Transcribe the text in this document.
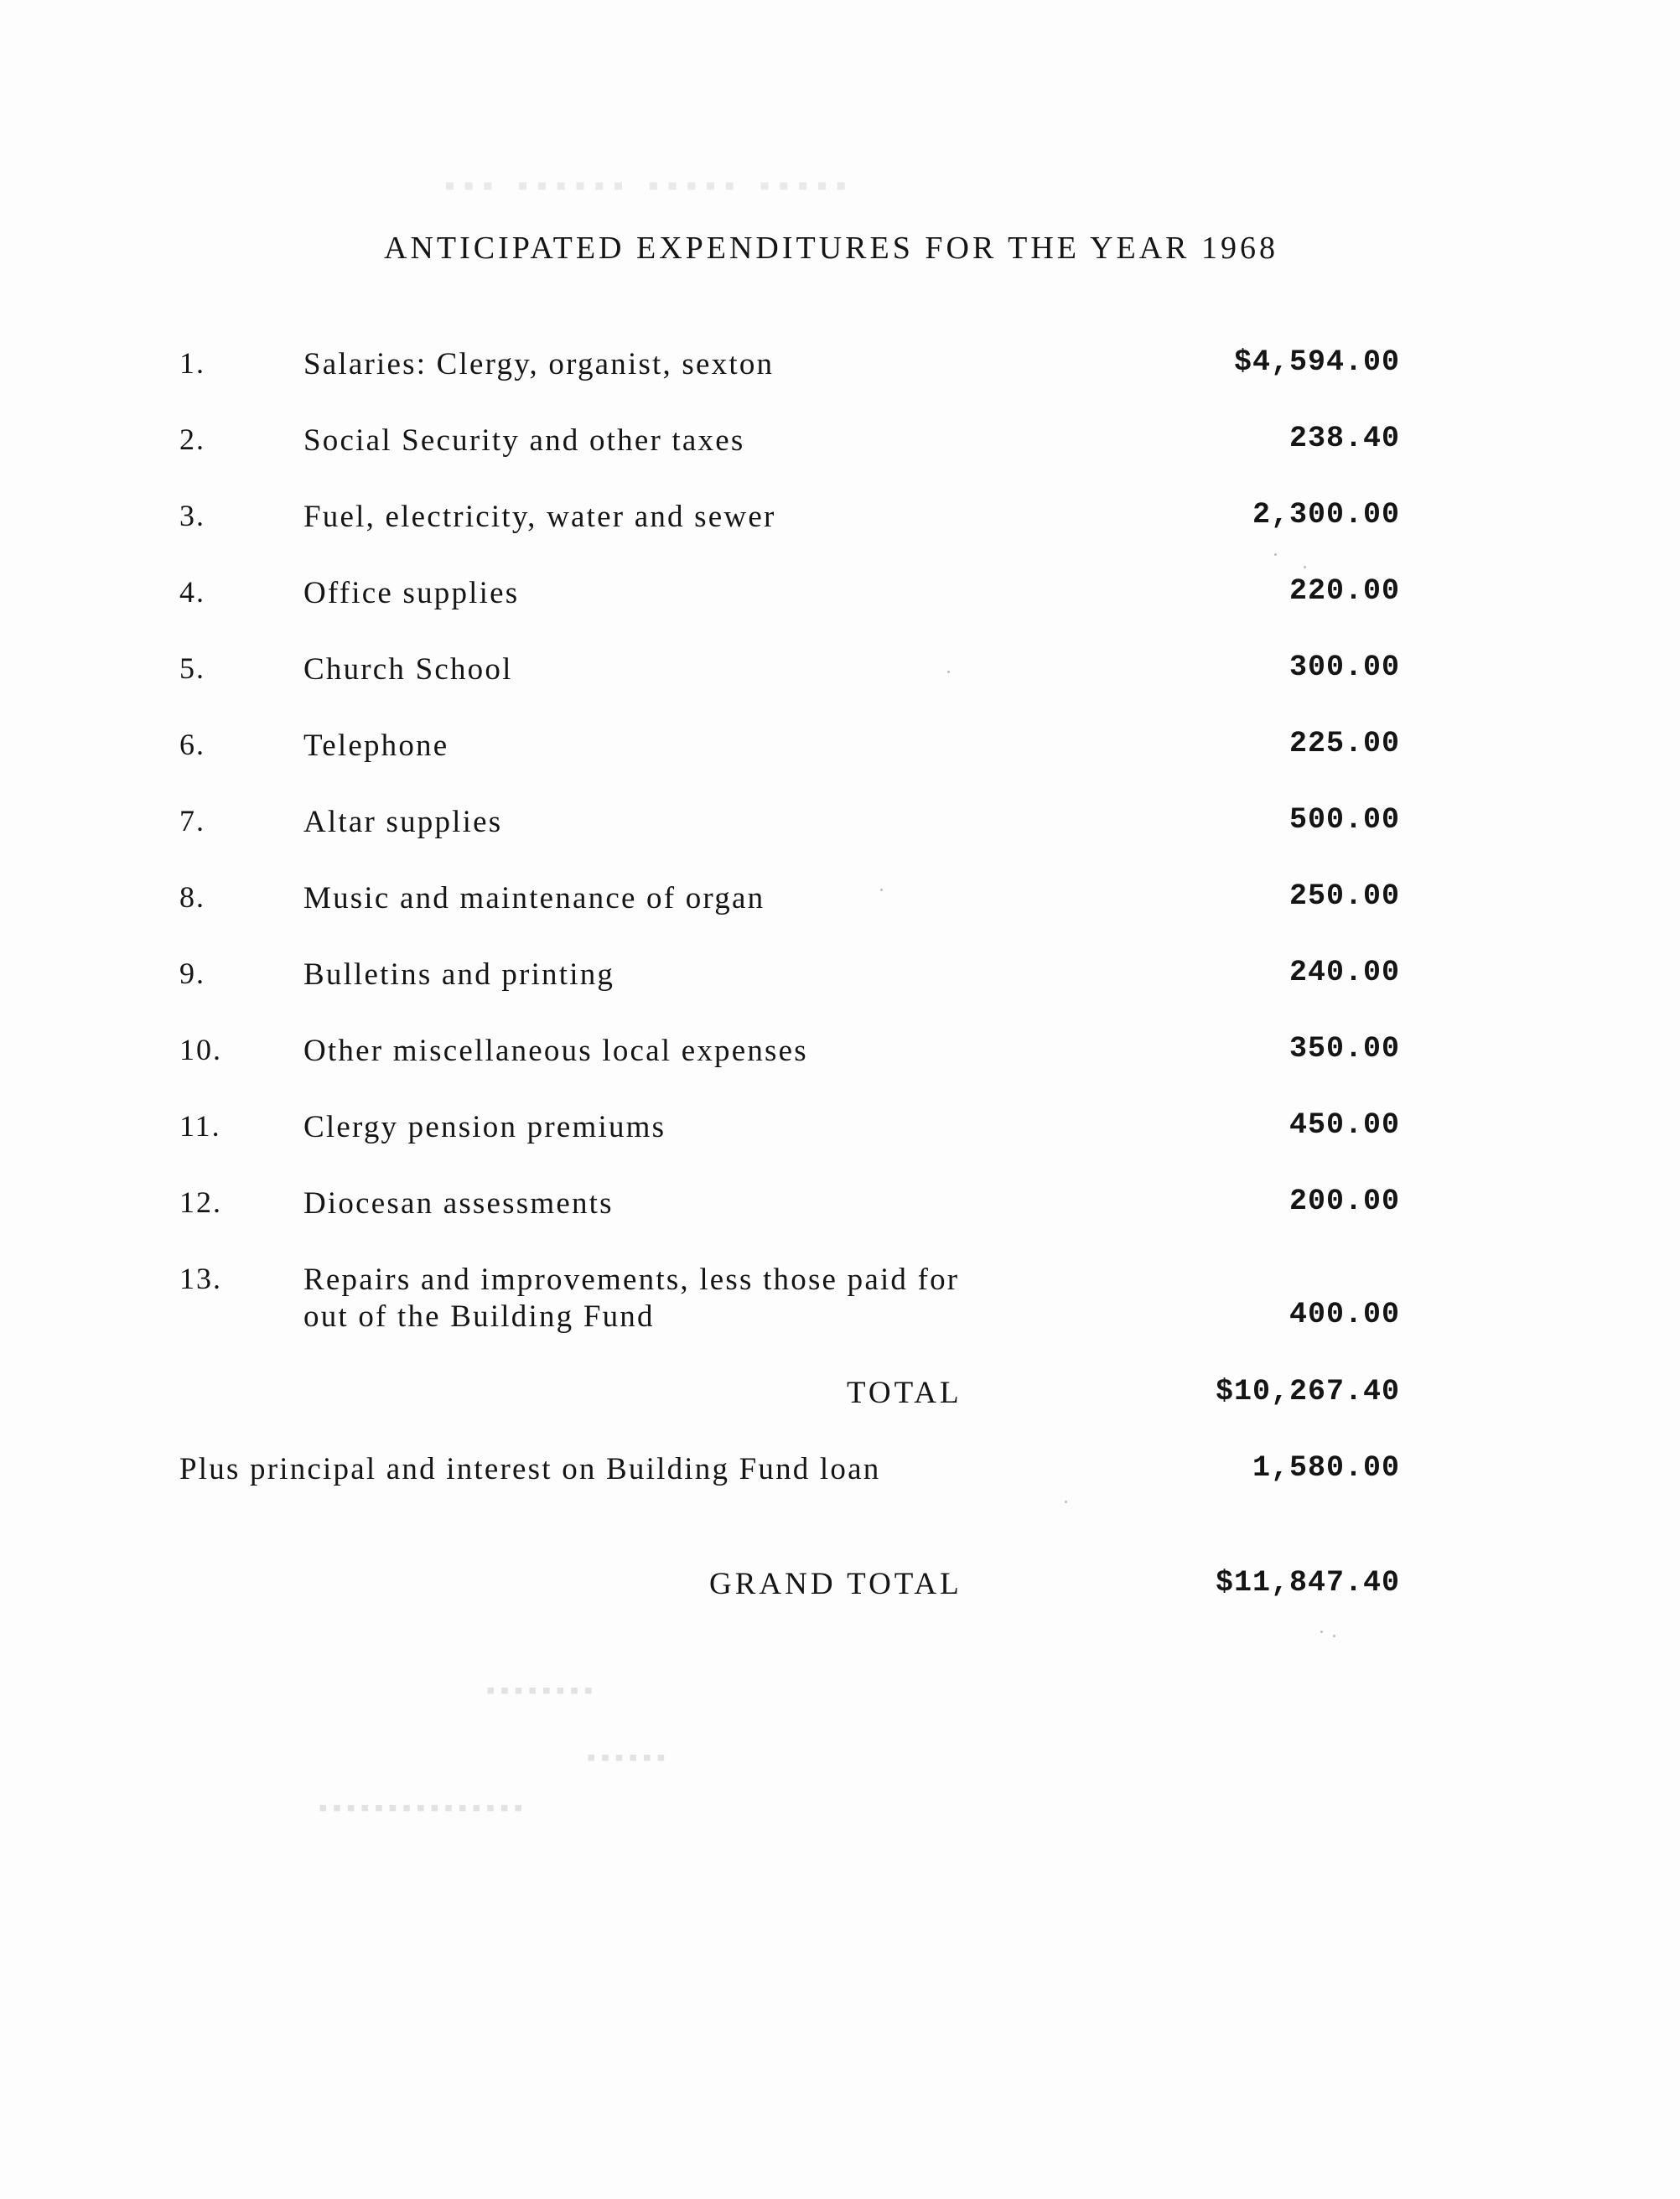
▪▪▪ ▪▪▪▪▪▪ ▪▪▪▪▪ ▪▪▪▪▪
ANTICIPATED EXPENDITURES FOR THE YEAR 1968
1.	Salaries: Clergy, organist, sexton	$4,594.00
2.	Social Security and other taxes	238.40
3.	Fuel, electricity, water and sewer	2,300.00
4.	Office supplies	220.00
5.	Church School	300.00
6.	Telephone	225.00
7.	Altar supplies	500.00
8.	Music and maintenance of organ	250.00
9.	Bulletins and printing	240.00
10.	Other miscellaneous local expenses	350.00
11.	Clergy pension premiums	450.00
12.	Diocesan assessments	200.00
13.	Repairs and improvements, less those paid for
out of the Building Fund	400.00
TOTAL	$10,267.40
Plus principal and interest on Building Fund loan	1,580.00
GRAND TOTAL	$11,847.40
▪▪▪▪▪▪▪▪
▪▪▪▪▪▪
▪▪▪▪▪▪▪▪▪▪▪▪▪▪▪
